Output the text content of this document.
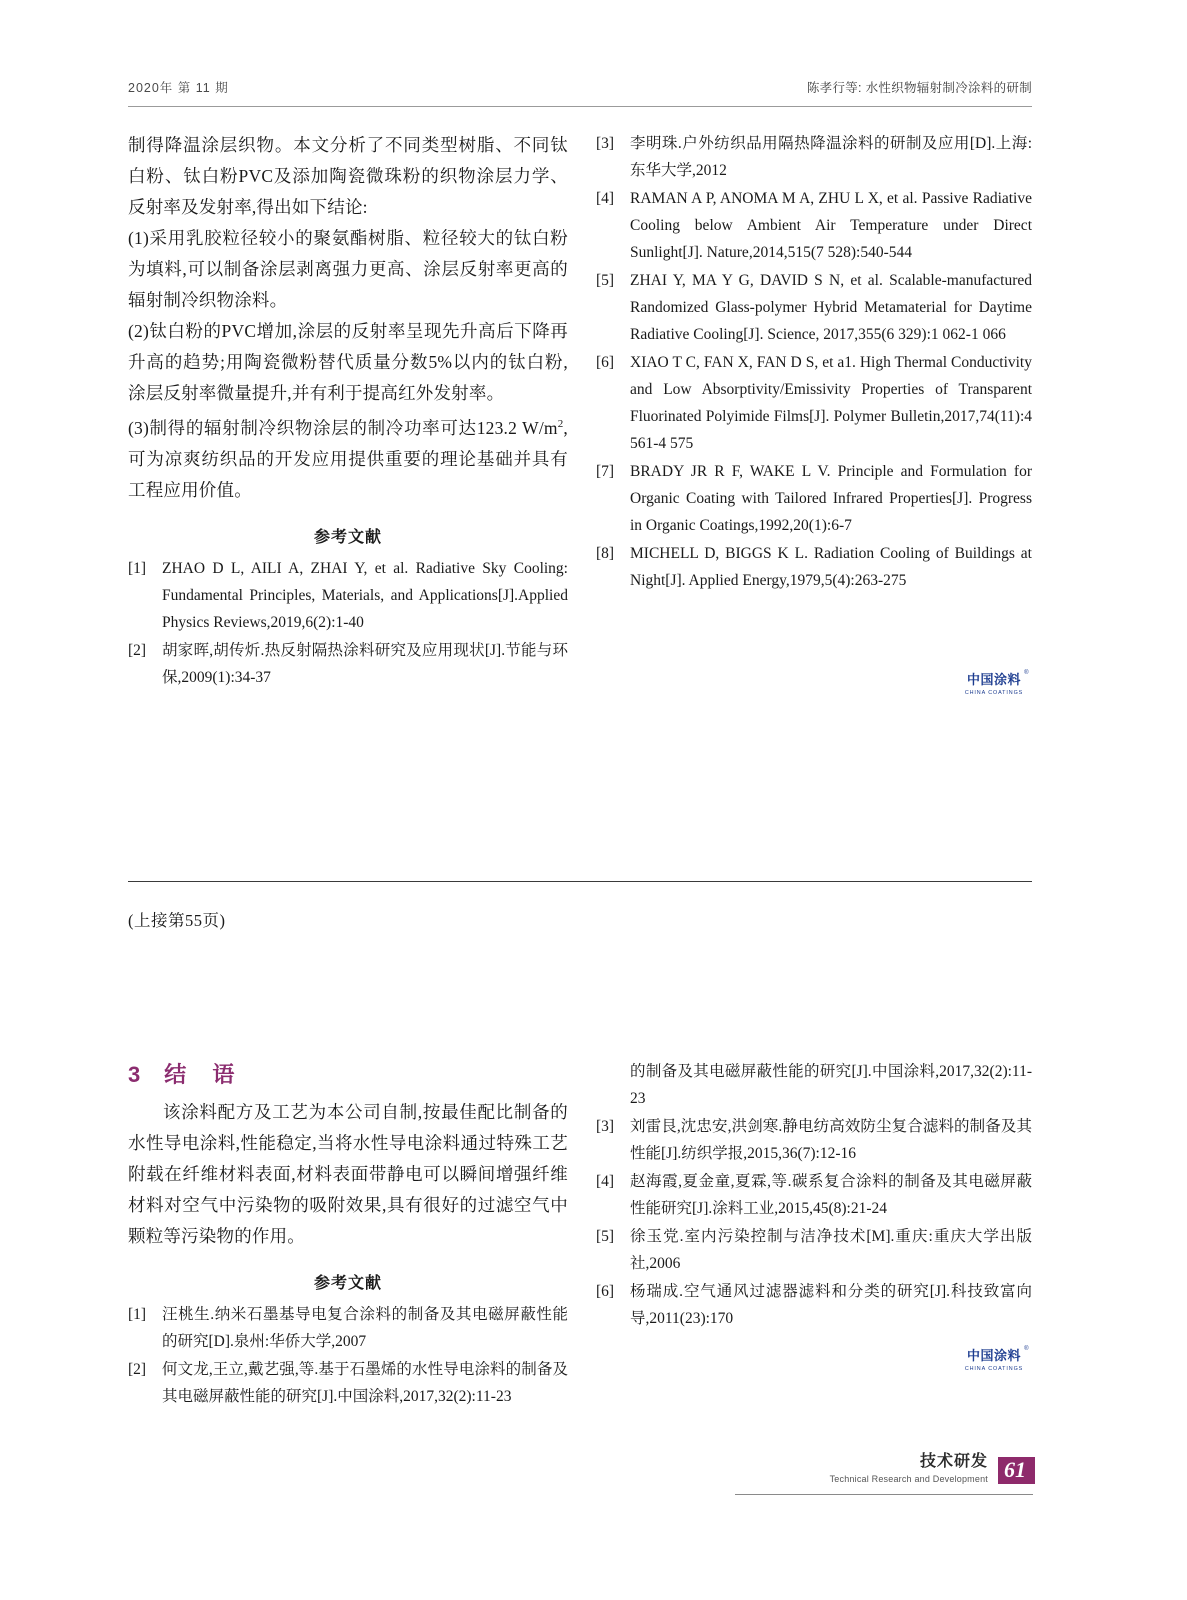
2020年 第 11 期	陈孝行等: 水性织物辐射制冷涂料的研制

制得降温涂层织物。本文分析了不同类型树脂、不同钛白粉、钛白粉PVC及添加陶瓷微珠粉的织物涂层力学、反射率及发射率,得出如下结论:

(1)采用乳胶粒径较小的聚氨酯树脂、粒径较大的钛白粉为填料,可以制备涂层剥离强力更高、涂层反射率更高的辐射制冷织物涂料。

(2)钛白粉的PVC增加,涂层的反射率呈现先升高后下降再升高的趋势;用陶瓷微粉替代质量分数5%以内的钛白粉,涂层反射率微量提升,并有利于提高红外发射率。

(3)制得的辐射制冷织物涂层的制冷功率可达123.2 $W/m^2$,可为凉爽纺织品的开发应用提供重要的理论基础并具有工程应用价值。

参考文献
[1]	ZHAO D L, AILI A, ZHAI Y, et al. Radiative Sky Cooling: Fundamental Principles, Materials, and Applications[J].Applied Physics Reviews,2019,6(2):1-40
[2]	胡家晖,胡传炘.热反射隔热涂料研究及应用现状[J].节能与环保,2009(1):34-37
[3]	李明珠.户外纺织品用隔热降温涂料的研制及应用[D].上海:东华大学,2012
[4]	RAMAN A P, ANOMA M A, ZHU L X, et al. Passive Radiative Cooling below Ambient Air Temperature under Direct Sunlight[J]. Nature,2014,515(7 528):540-544
[5]	ZHAI Y, MA Y G, DAVID S N, et al. Scalable-manufactured Randomized Glass-polymer Hybrid Metamaterial for Daytime Radiative Cooling[J]. Science, 2017,355(6 329):1 062-1 066
[6]	XIAO T C, FAN X, FAN D S, et a1. High Thermal Conductivity and Low Absorptivity/Emissivity Properties of Transparent Fluorinated Polyimide Films[J]. Polymer Bulletin,2017,74(11):4 561-4 575
[7]	BRADY JR R F, WAKE L V. Principle and Formulation for Organic Coating with Tailored Infrared Properties[J]. Progress in Organic Coatings,1992,20(1):6-7
[8]	MICHELL D, BIGGS K L. Radiation Cooling of Buildings at Night[J]. Applied Energy,1979,5(4):263-275
中国涂料 ®
CHINA COATINGS
(上接第55页)
3 结 语

该涂料配方及工艺为本公司自制,按最佳配比制备的水性导电涂料,性能稳定,当将水性导电涂料通过特殊工艺附载在纤维材料表面,材料表面带静电可以瞬间增强纤维材料对空气中污染物的吸附效果,具有很好的过滤空气中颗粒等污染物的作用。

参考文献
[1]	汪桃生.纳米石墨基导电复合涂料的制备及其电磁屏蔽性能的研究[D].泉州:华侨大学,2007
[2]	何文龙,王立,戴艺强,等.基于石墨烯的水性导电涂料的制备及其电磁屏蔽性能的研究[J].中国涂料,2017,32(2):11-23
的制备及其电磁屏蔽性能的研究[J].中国涂料,2017,32(2):11-23
[3]	刘雷艮,沈忠安,洪剑寒.静电纺高效防尘复合滤料的制备及其性能[J].纺织学报,2015,36(7):12-16
[4]	赵海霞,夏金童,夏霖,等.碳系复合涂料的制备及其电磁屏蔽性能研究[J].涂料工业,2015,45(8):21-24
[5]	徐玉党.室内污染控制与洁净技术[M].重庆:重庆大学出版社,2006
[6]	杨瑞成.空气通风过滤器滤料和分类的研究[J].科技致富向导,2011(23):170
中国涂料 ®
CHINA COATINGS
技术研发
Technical Research and Development 61
